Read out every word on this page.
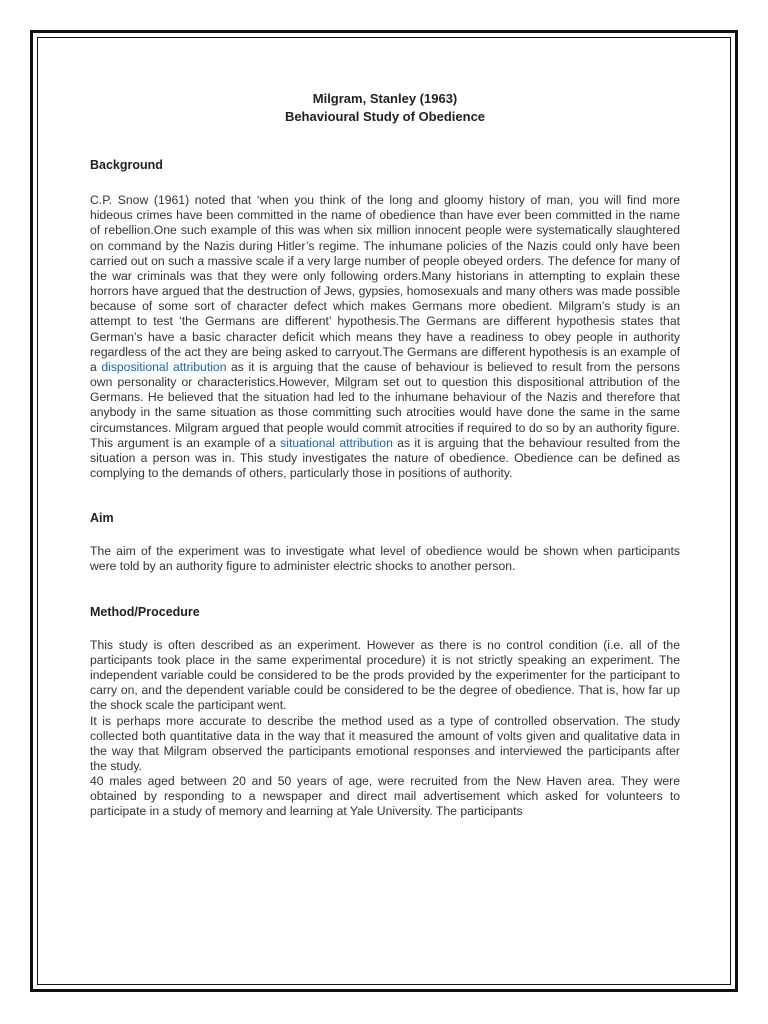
Milgram, Stanley (1963)
Behavioural Study of Obedience
Background

C.P. Snow (1961) noted that ‘when you think of the long and gloomy history of man, you will find more hideous crimes have been committed in the name of obedience than have ever been committed in the name of rebellion.One such example of this was when six million innocent people were systematically slaughtered on command by the Nazis during Hitler’s regime. The inhumane policies of the Nazis could only have been carried out on such a massive scale if a very large number of people obeyed orders. The defence for many of the war criminals was that they were only following orders.Many historians in attempting to explain these horrors have argued that the destruction of Jews, gypsies, homosexuals and many others was made possible because of some sort of character defect which makes Germans more obedient. Milgram’s study is an attempt to test ‘the Germans are different’ hypothesis.The Germans are different hypothesis states that German’s have a basic character deficit which means they have a readiness to obey people in authority regardless of the act they are being asked to carryout.The Germans are different hypothesis is an example of a dispositional attribution as it is arguing that the cause of behaviour is believed to result from the persons own personality or characteristics.However, Milgram set out to question this dispositional attribution of the Germans. He believed that the situation had led to the inhumane behaviour of the Nazis and therefore that anybody in the same situation as those committing such atrocities would have done the same in the same circumstances. Milgram argued that people would commit atrocities if required to do so by an authority figure. This argument is an example of a situational attribution as it is arguing that the behaviour resulted from the situation a person was in. This study investigates the nature of obedience. Obedience can be defined as complying to the demands of others, particularly those in positions of authority.

Aim

The aim of the experiment was to investigate what level of obedience would be shown when participants were told by an authority figure to administer electric shocks to another person.

Method/Procedure

This study is often described as an experiment. However as there is no control condition (i.e. all of the participants took place in the same experimental procedure) it is not strictly speaking an experiment. The independent variable could be considered to be the prods provided by the experimenter for the participant to carry on, and the dependent variable could be considered to be the degree of obedience. That is, how far up the shock scale the participant went.

It is perhaps more accurate to describe the method used as a type of controlled observation. The study collected both quantitative data in the way that it measured the amount of volts given and qualitative data in the way that Milgram observed the participants emotional responses and interviewed the participants after the study.

40 males aged between 20 and 50 years of age, were recruited from the New Haven area. They were obtained by responding to a newspaper and direct mail advertisement which asked for volunteers to participate in a study of memory and learning at Yale University. The participants
